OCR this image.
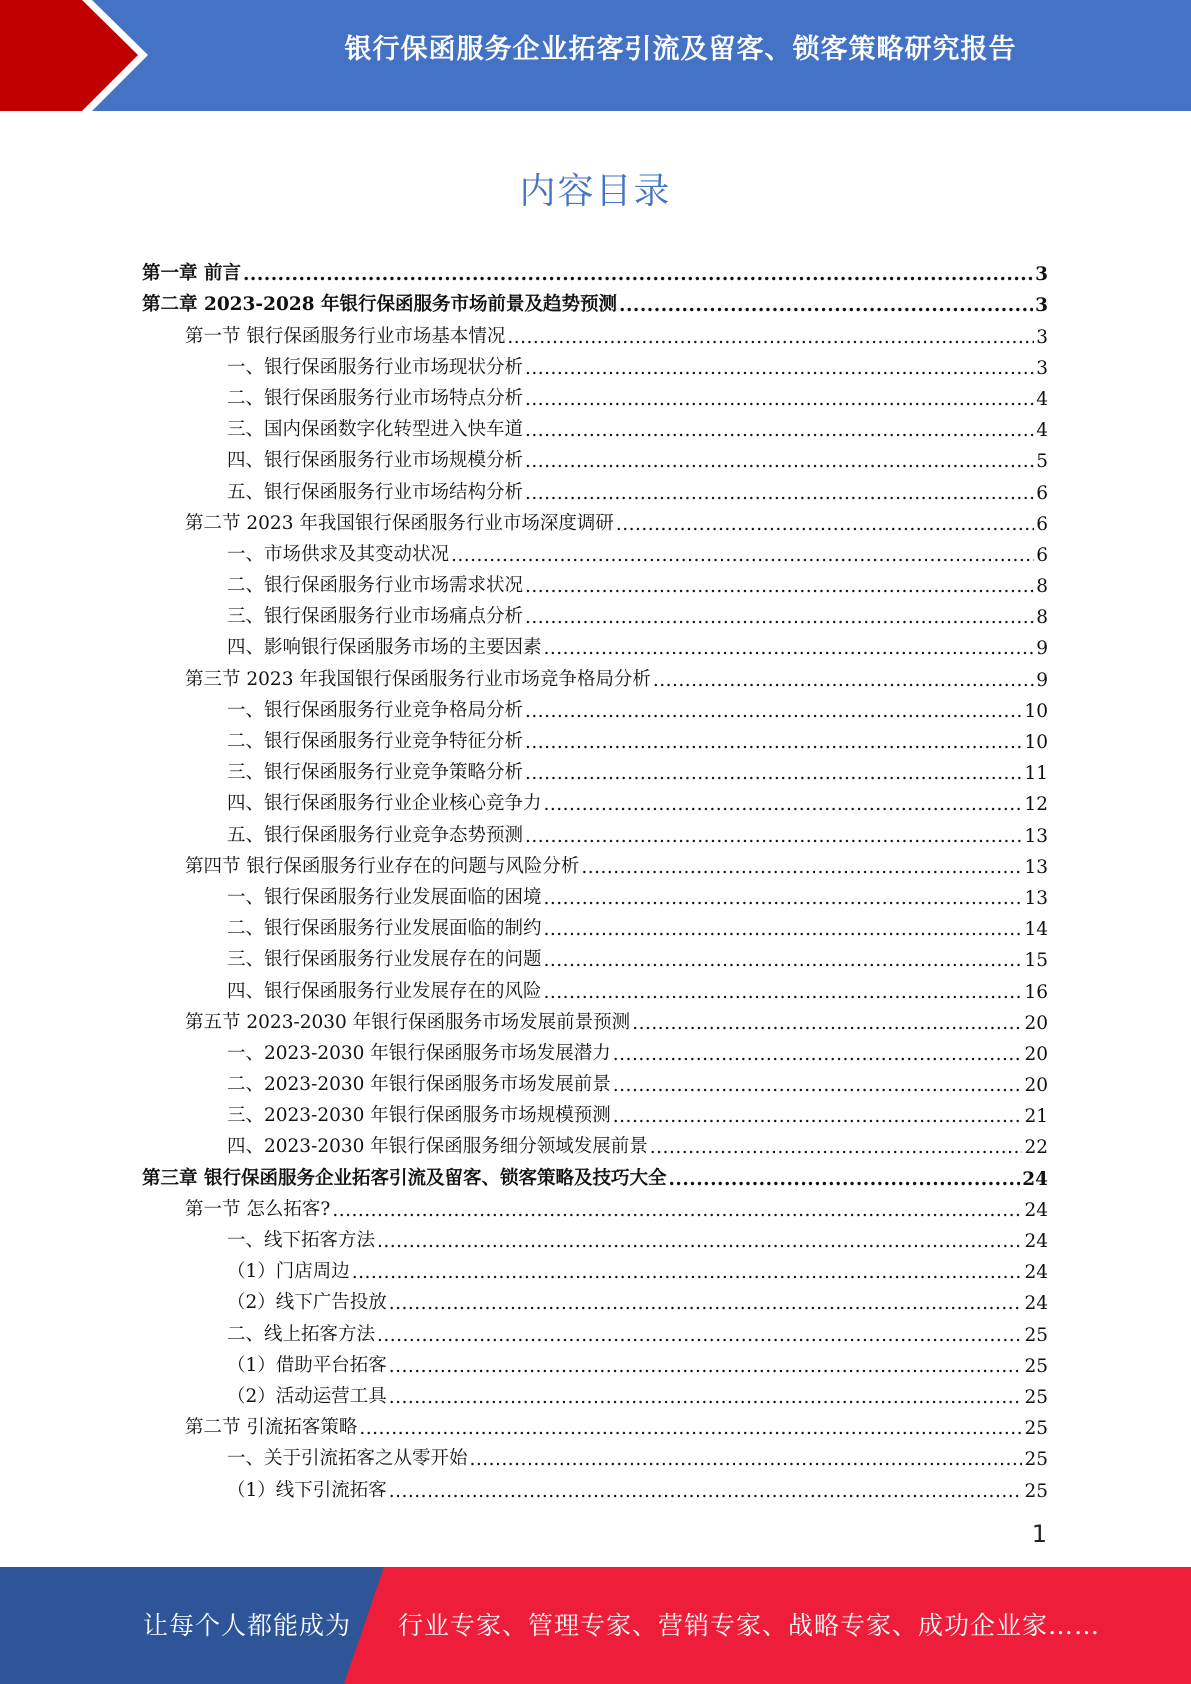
银行保函服务企业拓客引流及留客、锁客策略研究报告
内容目录
第一章 前言 .....	3
第二章 2023-2028 年银行保函服务市场前景及趋势预测 .....	3
第一节 银行保函服务行业市场基本情况 .....	3
一、银行保函服务行业市场现状分析 .....	3
二、银行保函服务行业市场特点分析 .....	4
三、国内保函数字化转型进入快车道 .....	4
四、银行保函服务行业市场规模分析 .....	5
五、银行保函服务行业市场结构分析 .....	6
第二节 2023 年我国银行保函服务行业市场深度调研 .....	6
一、市场供求及其变动状况 .....	6
二、银行保函服务行业市场需求状况 .....	8
三、银行保函服务行业市场痛点分析 .....	8
四、影响银行保函服务市场的主要因素 .....	9
第三节 2023 年我国银行保函服务行业市场竞争格局分析 .....	9
一、银行保函服务行业竞争格局分析 .....	10
二、银行保函服务行业竞争特征分析 .....	10
三、银行保函服务行业竞争策略分析 .....	11
四、银行保函服务行业企业核心竞争力 .....	12
五、银行保函服务行业竞争态势预测 .....	13
第四节 银行保函服务行业存在的问题与风险分析 .....	13
一、银行保函服务行业发展面临的困境 .....	13
二、银行保函服务行业发展面临的制约 .....	14
三、银行保函服务行业发展存在的问题 .....	15
四、银行保函服务行业发展存在的风险 .....	16
第五节 2023-2030 年银行保函服务市场发展前景预测 .....	20
一、2023-2030 年银行保函服务市场发展潜力 .....	20
二、2023-2030 年银行保函服务市场发展前景 .....	20
三、2023-2030 年银行保函服务市场规模预测 .....	21
四、2023-2030 年银行保函服务细分领域发展前景 .....	22
第三章 银行保函服务企业拓客引流及留客、锁客策略及技巧大全 .....	24
第一节 怎么拓客? .....	24
一、线下拓客方法 .....	24
（1）门店周边 .....	24
（2）线下广告投放 .....	24
二、线上拓客方法 .....	25
（1）借助平台拓客 .....	25
（2）活动运营工具 .....	25
第二节 引流拓客策略 .....	25
一、关于引流拓客之从零开始 .....	25
（1）线下引流拓客 .....	25
1
让每个人都能成为 行业专家、管理专家、营销专家、战略专家、成功企业家……
